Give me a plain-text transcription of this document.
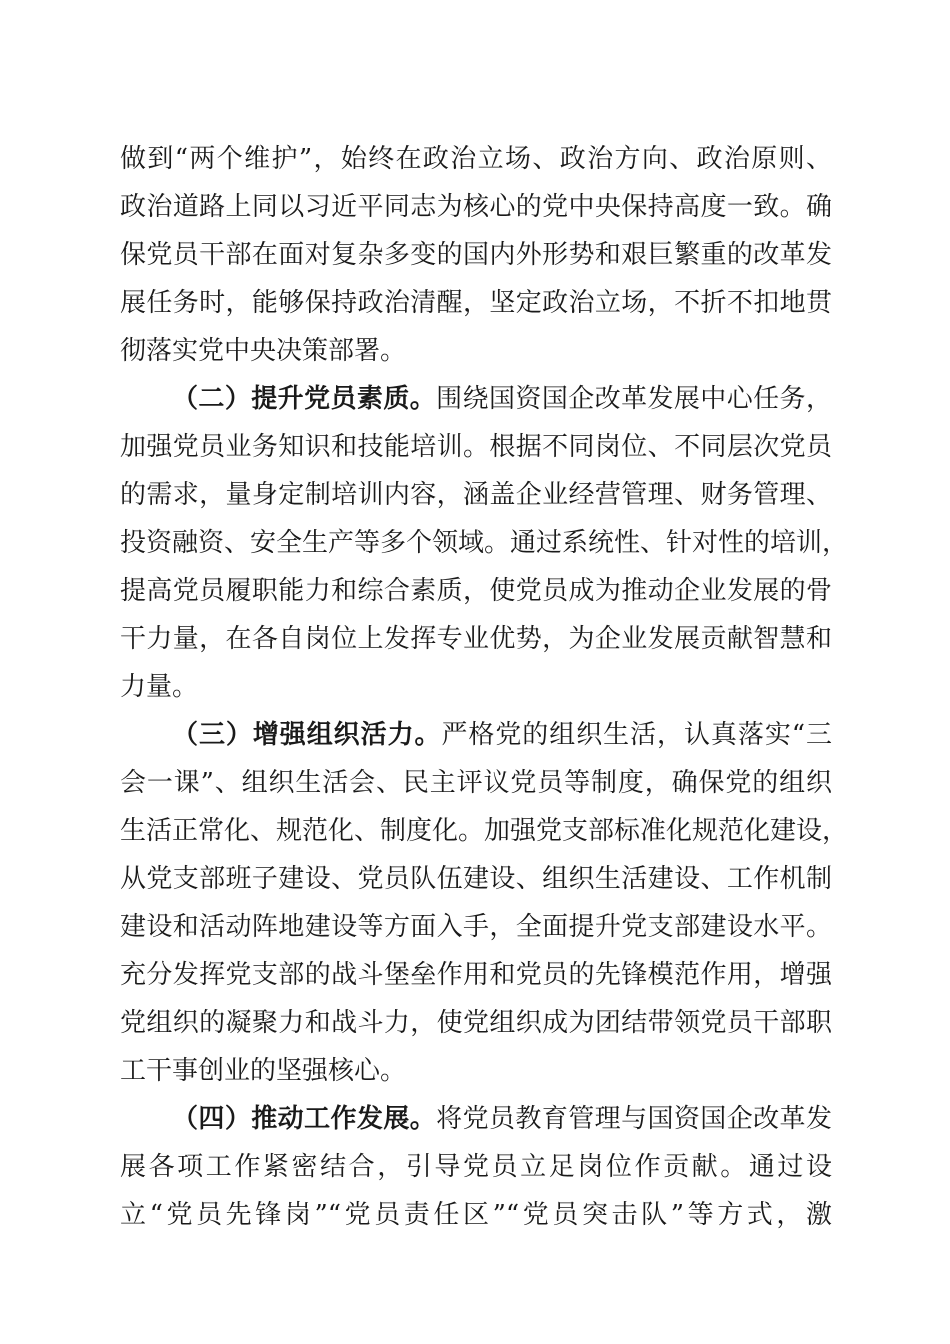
做到“两个维护”，始终在政治立场、政治方向、政治原则、
政治道路上同以习近平同志为核心的党中央保持高度一致。确
保党员干部在面对复杂多变的国内外形势和艰巨繁重的改革发
展任务时，能够保持政治清醒，坚定政治立场，不折不扣地贯
彻落实党中央决策部署。
（二）提升党员素质。围绕国资国企改革发展中心任务，
加强党员业务知识和技能培训。根据不同岗位、不同层次党员
的需求，量身定制培训内容，涵盖企业经营管理、财务管理、
投资融资、安全生产等多个领域。通过系统性、针对性的培训，
提高党员履职能力和综合素质，使党员成为推动企业发展的骨
干力量，在各自岗位上发挥专业优势，为企业发展贡献智慧和
力量。
（三）增强组织活力。严格党的组织生活，认真落实“三
会一课”、组织生活会、民主评议党员等制度，确保党的组织
生活正常化、规范化、制度化。加强党支部标准化规范化建设，
从党支部班子建设、党员队伍建设、组织生活建设、工作机制
建设和活动阵地建设等方面入手，全面提升党支部建设水平。
充分发挥党支部的战斗堡垒作用和党员的先锋模范作用，增强
党组织的凝聚力和战斗力，使党组织成为团结带领党员干部职
工干事创业的坚强核心。
（四）推动工作发展。将党员教育管理与国资国企改革发
展各项工作紧密结合，引导党员立足岗位作贡献。通过设
立“党员先锋岗”“党员责任区”“党员突击队”等方式，激
